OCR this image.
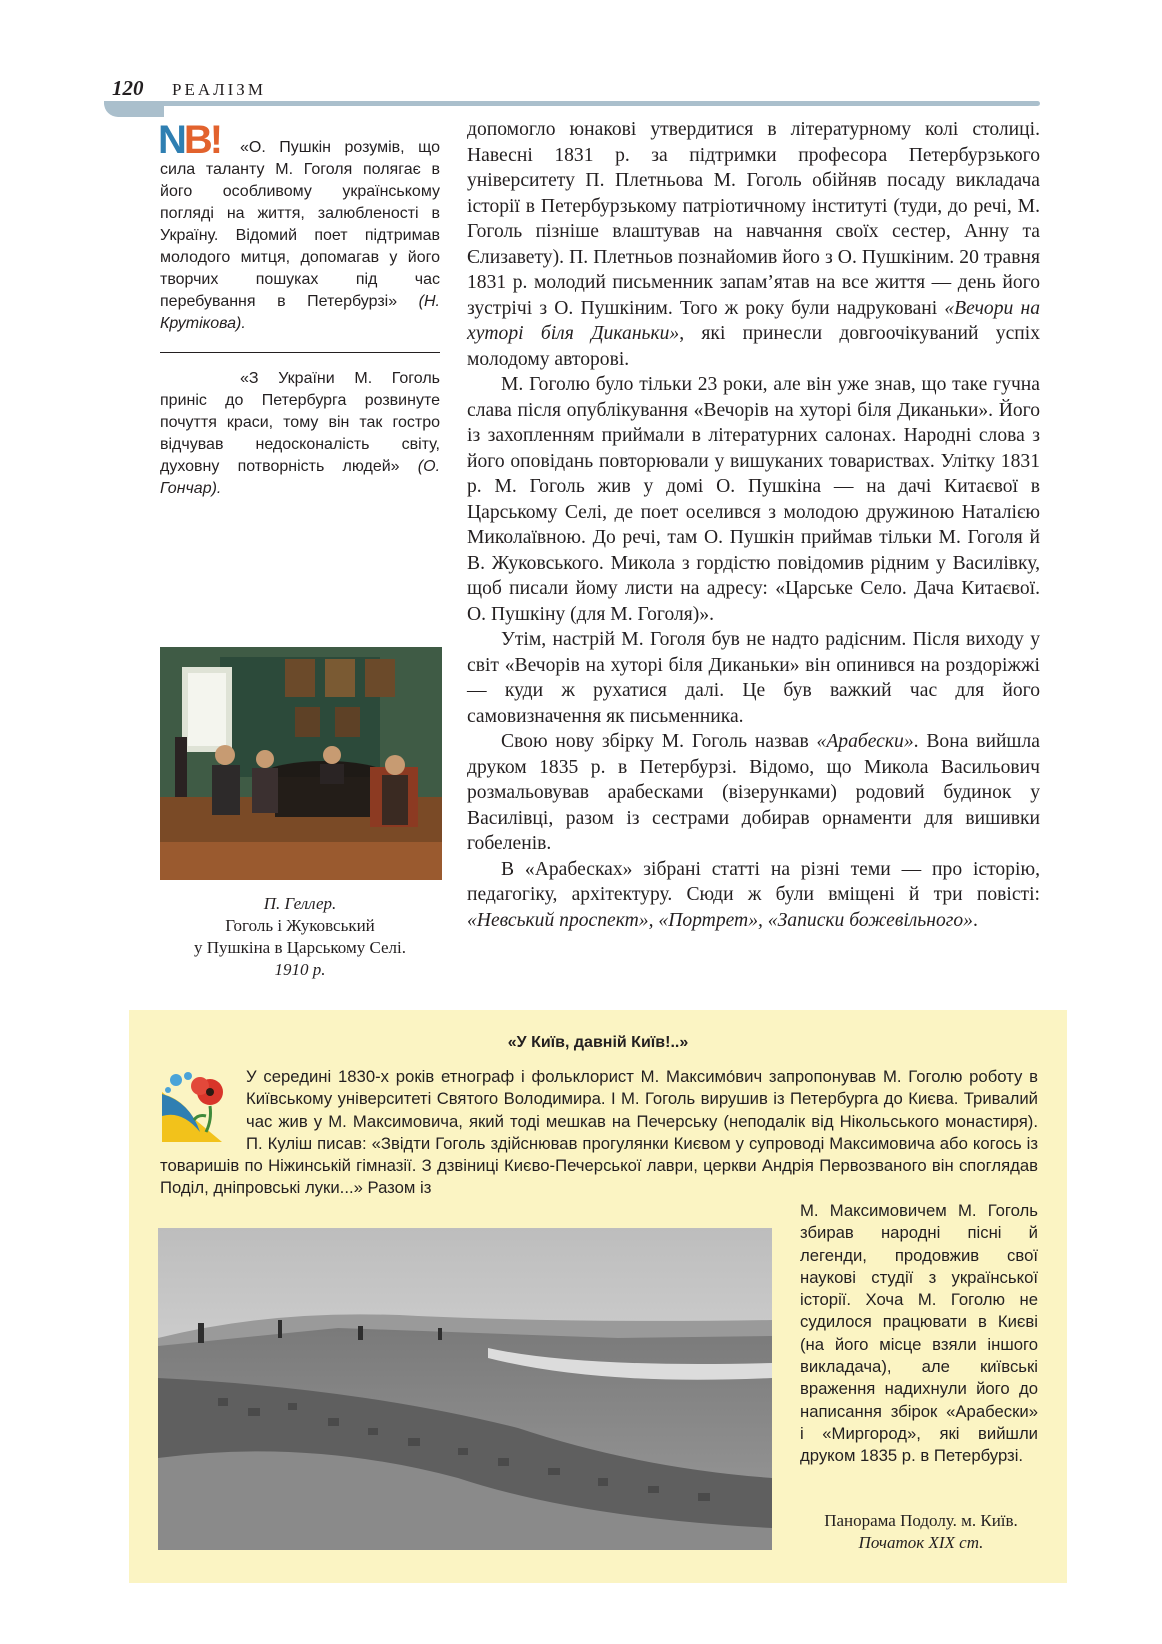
120 РЕАЛІЗМ
NB!	«О. Пушкін розумів, що сила таланту М. Гоголя полягає в його особливому українському погляді на життя, залюбленості в Україну. Відомий поет підтримав молодого митця, допомагав у його творчих пошуках під час перебування в Петербурзі» (Н. Крутікова).
«З України М. Гоголь приніс до Петербурга розвинуте почуття краси, тому він так гостро відчував недосконалість світу, духовну потворність людей» (О. Гончар).
П. Геллер.
Гоголь і Жуковський
у Пушкіна в Царському Селі.
1910 р.

допомогло юнакові утвердитися в літературному колі столиці. Навесні 1831 р. за підтримки професора Петербурзького університету П. Плетньова М. Гоголь обійняв посаду викладача історії в Петербурзькому патріотичному інституті (туди, до речі, М. Гоголь пізніше влаштував на навчання своїх сестер, Анну та Єлизавету). П. Плетньов познайомив його з О. Пушкіним. 20 травня 1831 р. молодий письменник запам’ятав на все життя — день його зустрічі з О. Пушкіним. Того ж року були надруковані «Вечори на хуторі біля Диканьки», які принесли довгоочікуваний успіх молодому авторові.

М. Гоголю було тільки 23 роки, але він уже знав, що таке гучна слава після опублікування «Вечорів на хуторі біля Диканьки». Його із захопленням приймали в літературних салонах. Народні слова з його оповідань повторювали у вишуканих товариствах. Улітку 1831 р. М. Гоголь жив у домі О. Пушкіна — на дачі Китаєвої в Царському Селі, де поет оселився з молодою дружиною Наталією Миколаївною. До речі, там О. Пушкін приймав тільки М. Гоголя й В. Жуковського. Микола з гордістю повідомив рідним у Василівку, щоб писали йому листи на адресу: «Царське Село. Дача Китаєвої. О. Пушкіну (для М. Гоголя)».

Утім, настрій М. Гоголя був не надто радісним. Після виходу у світ «Вечорів на хуторі біля Диканьки» він опинився на роздоріжжі — куди ж рухатися далі. Це був важкий час для його самовизначення як письменника.

Свою нову збірку М. Гоголь назвав «Арабески». Вона вийшла друком 1835 р. в Петербурзі. Відомо, що Микола Васильович розмальовував арабесками (візерунками) родовий будинок у Василівці, разом із сестрами добирав орнаменти для вишивки гобеленів.

В «Арабесках» зібрані статті на різні теми — про історію, педагогіку, архітектуру. Сюди ж були вміщені й три повісті: «Невський проспект», «Портрет», «Записки божевільного».

«У Київ, давній Київ!..»
У середині 1830-х років етнограф і фольклорист М. Максимо́вич запропонував М. Гоголю роботу в Київському університеті Святого Володимира. І М. Гоголь вирушив із Петербурга до Києва. Тривалий час жив у М. Максимовича, який тоді мешкав на Печерську (неподалік від Нікольського монастиря). П. Куліш писав: «Звідти Гоголь здійснював прогулянки Києвом у супроводі Максимовича або когось із товаришів по Ніжинській гімназії. З дзвіниці Києво-Печерської лаври, церкви Андрія Первозваного він споглядав Поділ, дніпровські луки...» Разом із
М. Максимовичем М. Гоголь збирав народні пісні й легенди, продовжив свої наукові студії з української історії. Хоча М. Гоголю не судилося працювати в Києві (на його місце взяли іншого викладача), але київські враження надихнули його до написання збірок «Арабески» і «Миргород», які вийшли друком 1835 р. в Петербурзі.
Панорама Подолу. м. Київ.
Початок XIX ст.
